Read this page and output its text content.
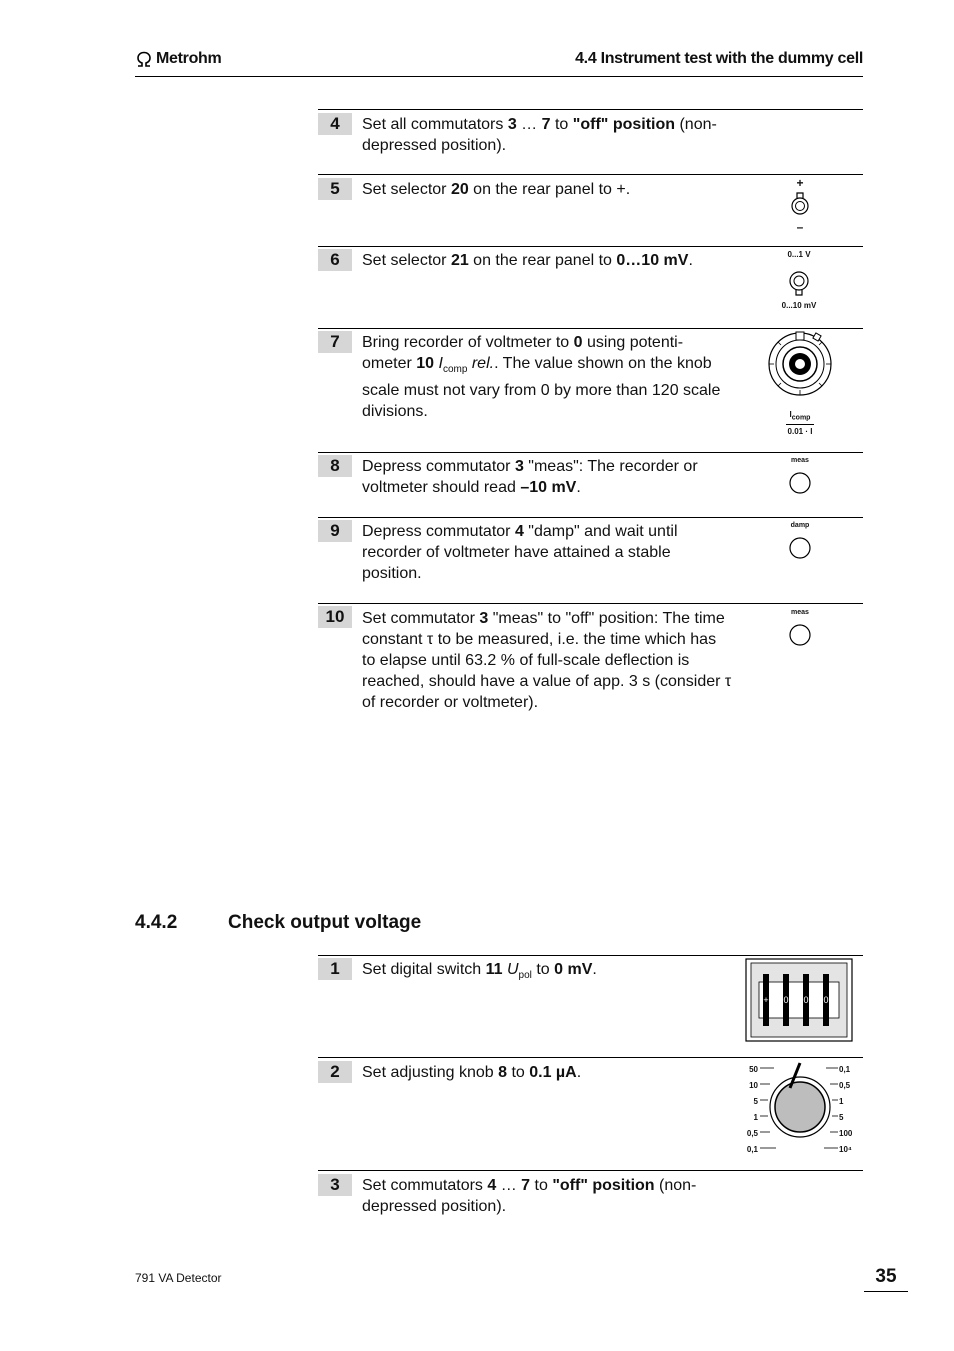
Metrohm	4.4 Instrument test with the dummy cell
4	Set all commutators 3 … 7 to "off" position (non-depressed position).
5	Set selector 20 on the rear panel to +.	+
–
6	Set selector 21 on the rear panel to 0…10 mV.	0...1 V
0...10 mV
7	Bring recorder of voltmeter to 0 using potenti-ometer 10 $I_{comp}$ rel.. The value shown on the knob scale must not vary from 0 by more than 120 scale divisions.	$I_{comp}$
0.01 · I
8	Depress commutator 3 "meas": The recorder or voltmeter should read –10 mV.
meas
9	Depress commutator 4 "damp" and wait until recorder of voltmeter have attained a stable position.
damp
10	Set commutator 3 "meas" to "off" position: The time constant τ to be measured, i.e. the time which has to elapse until 63.2 % of full-scale deflection is reached, should have a value of app. 3 s (consider τ of recorder or voltmeter).
meas
4.4.2	Check output voltage
1	Set digital switch 11 $U_{pol}$ to 0 mV.
+ 0 0 0
2	Set adjusting knob 8 to 0.1 µA.	50
10
5
1
0,5
0,1
0,1
0,5
1
5
100
10⁴
3	Set commutators 4 … 7 to "off" position (non-depressed position).
791 VA Detector	35
